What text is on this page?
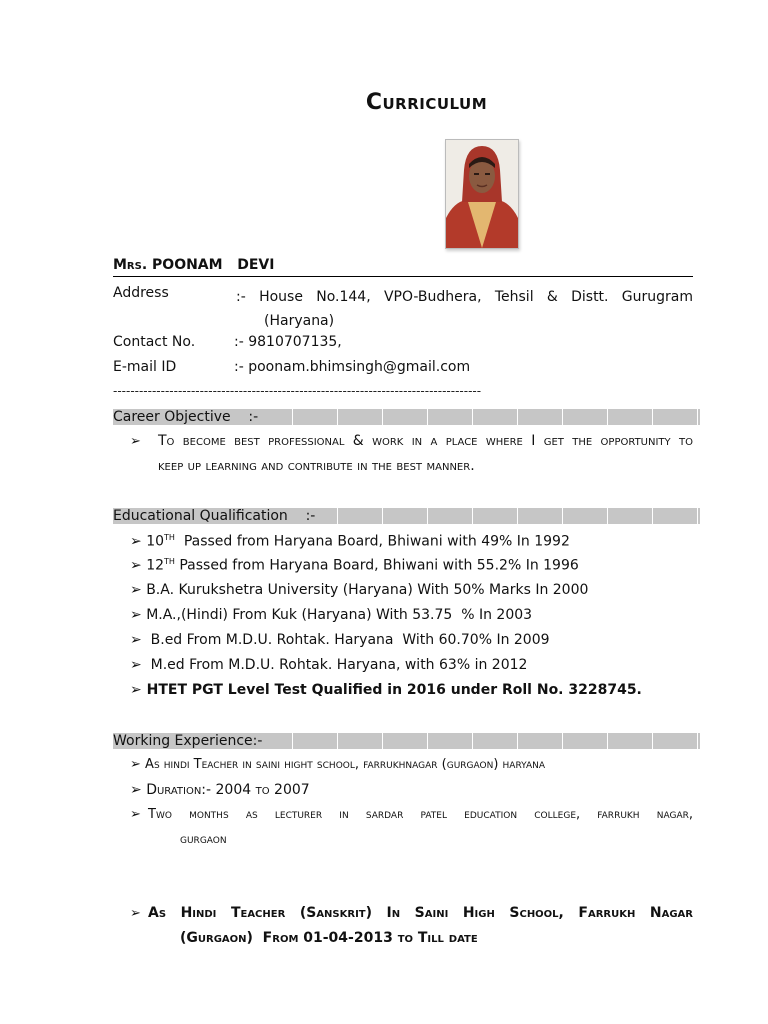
Curriculum
Mrs. POONAM   DEVI
Address	:- House No.144, VPO-Budhera, Tehsil & Distt. Gurugram
(Haryana)
Contact No.	:- 9810707135,
E-mail ID	:- poonam.bhimsingh@gmail.com
-------------------------------------------------------------------------------------
Career Objective    :-
➢ To become best professional & work in a place where I get the opportunity to
keep up learning and contribute in the best manner.
Educational Qualification    :-
➢ 10TH  Passed from Haryana Board, Bhiwani with 49% In 1992
➢ 12TH Passed from Haryana Board, Bhiwani with 55.2% In 1996
➢ B.A. Kurukshetra University (Haryana) With 50% Marks In 2000
➢ M.A.,(Hindi) From Kuk (Haryana) With 53.75  % In 2003
➢  B.ed From M.D.U. Rohtak. Haryana  With 60.70% In 2009
➢  M.ed From M.D.U. Rohtak. Haryana, with 63% in 2012
➢ HTET PGT Level Test Qualified in 2016 under Roll No. 3228745.
Working Experience:-
➢ As hindi Teacher in saini hight school, farrukhnagar (gurgaon) haryana
➢ Duration:- 2004 to 2007
➢ Two months as lecturer in sardar patel education college, farrukh nagar,
gurgaon
➢ As Hindi Teacher (Sanskrit) In Saini High School, Farrukh Nagar
(Gurgaon)  From 01-04-2013 to Till date
